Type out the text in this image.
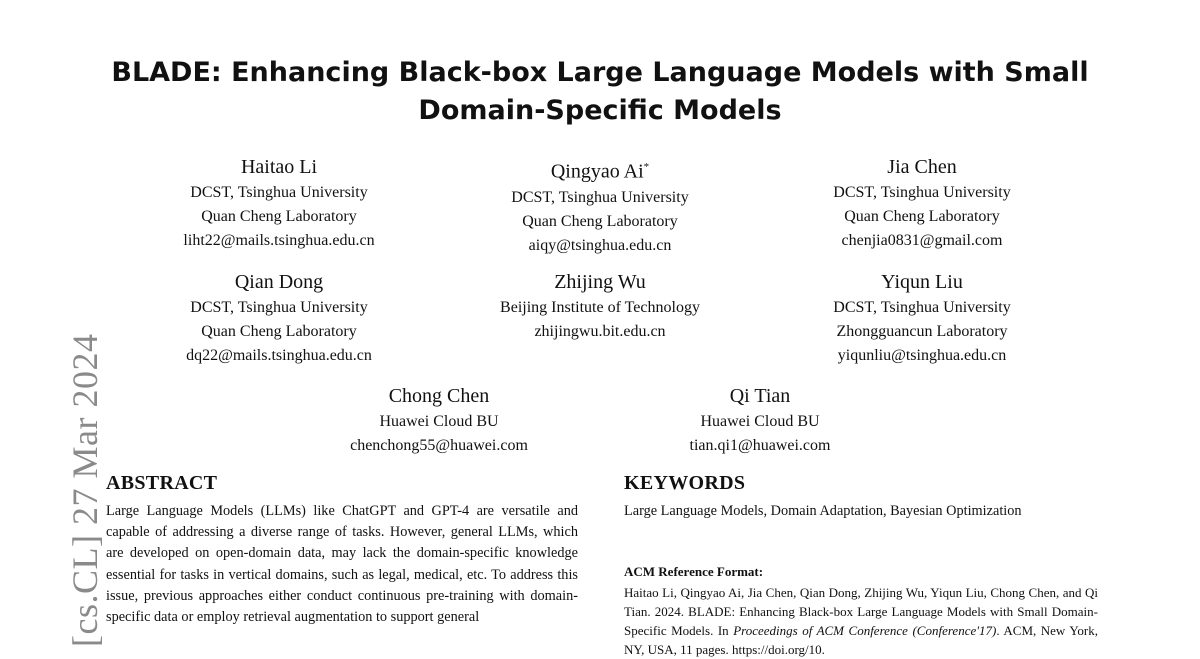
[cs.CL] 27 Mar 2024
BLADE: Enhancing Black-box Large Language Models with Small
Domain-Specific Models
Haitao Li
DCST, Tsinghua University
Quan Cheng Laboratory
liht22@mails.tsinghua.edu.cn
Qingyao Ai*
DCST, Tsinghua University
Quan Cheng Laboratory
aiqy@tsinghua.edu.cn
Jia Chen
DCST, Tsinghua University
Quan Cheng Laboratory
chenjia0831@gmail.com
Qian Dong
DCST, Tsinghua University
Quan Cheng Laboratory
dq22@mails.tsinghua.edu.cn
Zhijing Wu
Beijing Institute of Technology
zhijingwu.bit.edu.cn
Yiqun Liu
DCST, Tsinghua University
Zhongguancun Laboratory
yiqunliu@tsinghua.edu.cn
Chong Chen
Huawei Cloud BU
chenchong55@huawei.com
Qi Tian
Huawei Cloud BU
tian.qi1@huawei.com
ABSTRACT
Large Language Models (LLMs) like ChatGPT and GPT-4 are versatile and capable of addressing a diverse range of tasks. However, general LLMs, which are developed on open-domain data, may lack the domain-specific knowledge essential for tasks in vertical domains, such as legal, medical, etc. To address this issue, previous approaches either conduct continuous pre-training with domain-specific data or employ retrieval augmentation to support general
KEYWORDS
Large Language Models, Domain Adaptation, Bayesian Optimization
ACM Reference Format:
Haitao Li, Qingyao Ai, Jia Chen, Qian Dong, Zhijing Wu, Yiqun Liu, Chong Chen, and Qi Tian. 2024. BLADE: Enhancing Black-box Large Language Models with Small Domain-Specific Models. In Proceedings of ACM Conference (Conference'17). ACM, New York, NY, USA, 11 pages. https://doi.org/10.
